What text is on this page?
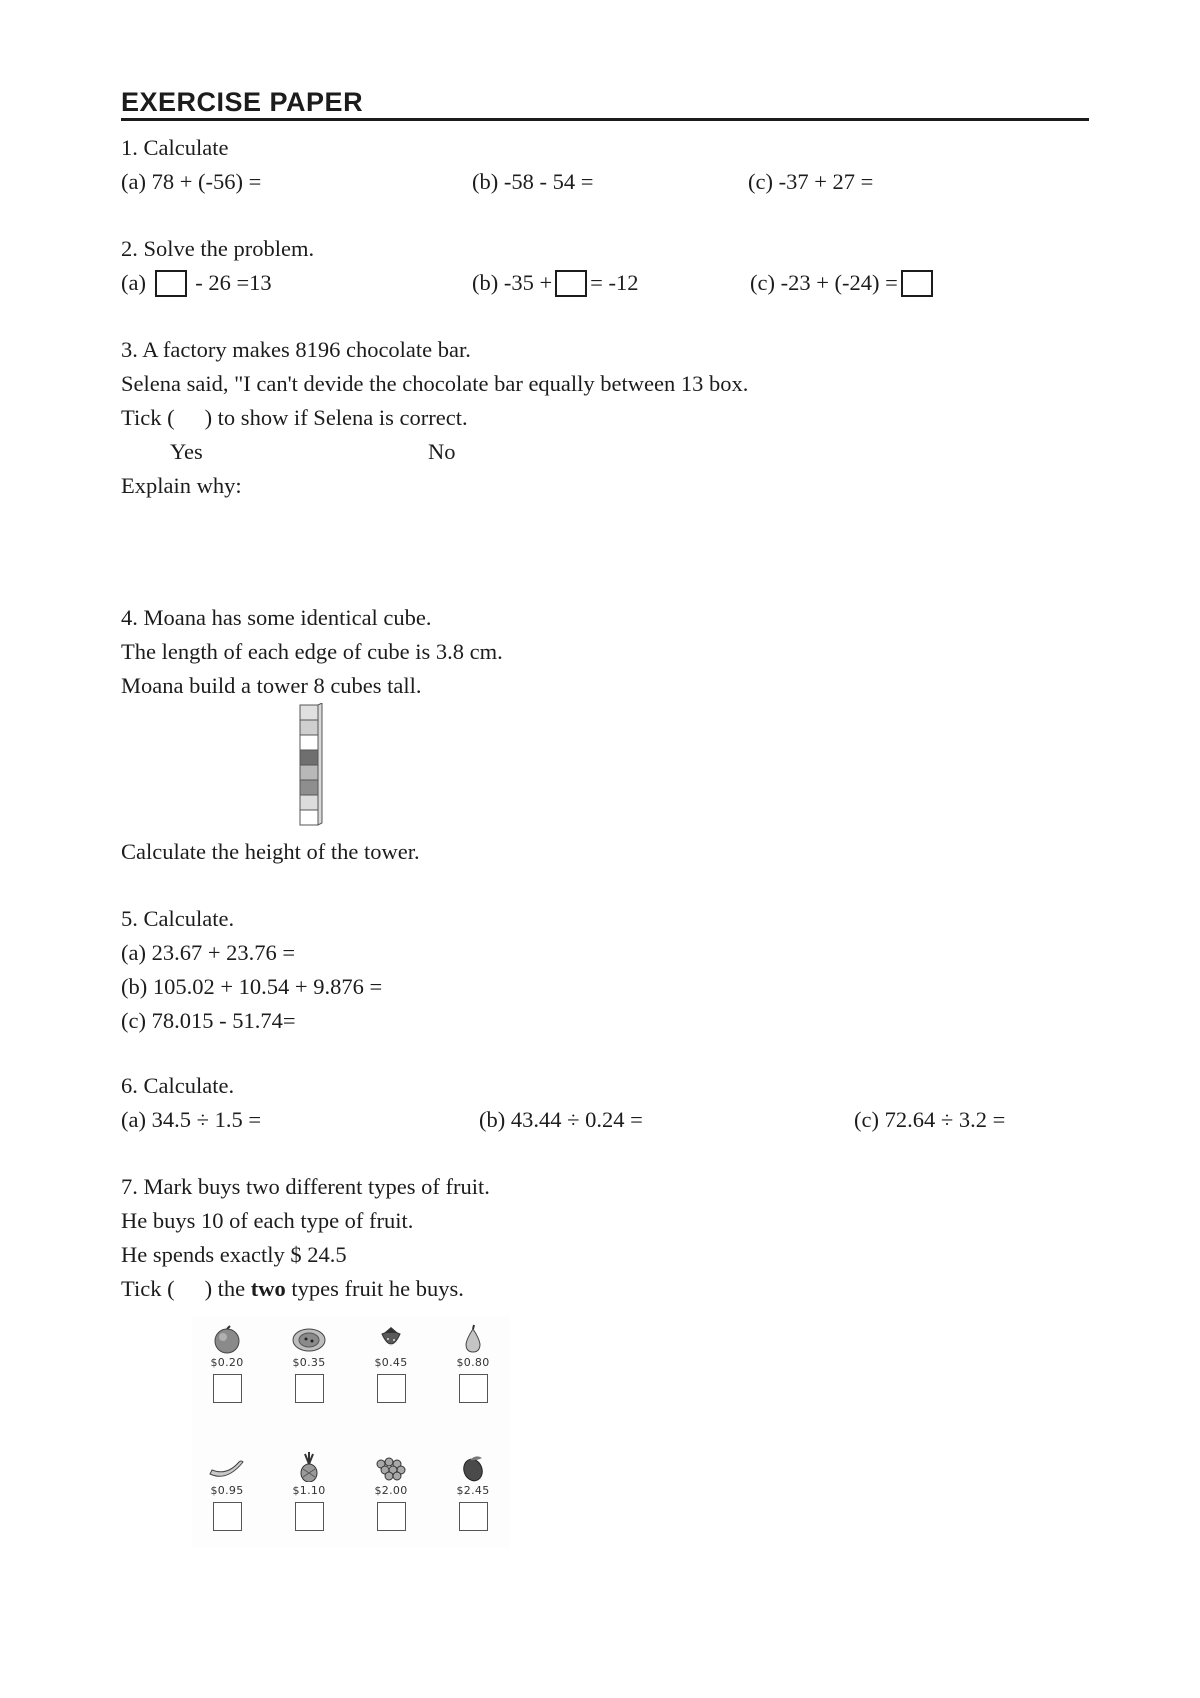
EXERCISE PAPER
1. Calculate
(a) 78 + (-56) =	(b) -58 - 54 =	(c) -37 + 27 =
2. Solve the problem.
(a) - 26 =13	(b) -35 + = -12	(c) -23 + (-24) =
3. A factory makes 8196 chocolate bar.
Selena said, "I can't devide the chocolate bar equally between 13 box.
Tick ( ) to show if Selena is correct.
Yes	No
Explain why:
4. Moana has some identical cube.
The length of each edge of cube is 3.8 cm.
Moana build a tower 8 cubes tall.
Calculate the height of the tower.
5. Calculate.
(a) 23.67 + 23.76 =
(b) 105.02 + 10.54 + 9.876 =
(c) 78.015 - 51.74=
6. Calculate.
(a) 34.5 ÷ 1.5 =	(b) 43.44 ÷ 0.24 =	(c) 72.64 ÷ 3.2 =
7. Mark buys two different types of fruit.
He buys 10 of each type of fruit.
He spends exactly $ 24.5
Tick ( ) the two types fruit he buys.
$0.20	$0.35	$0.45	$0.80
$0.95	$1.10	$2.00	$2.45
